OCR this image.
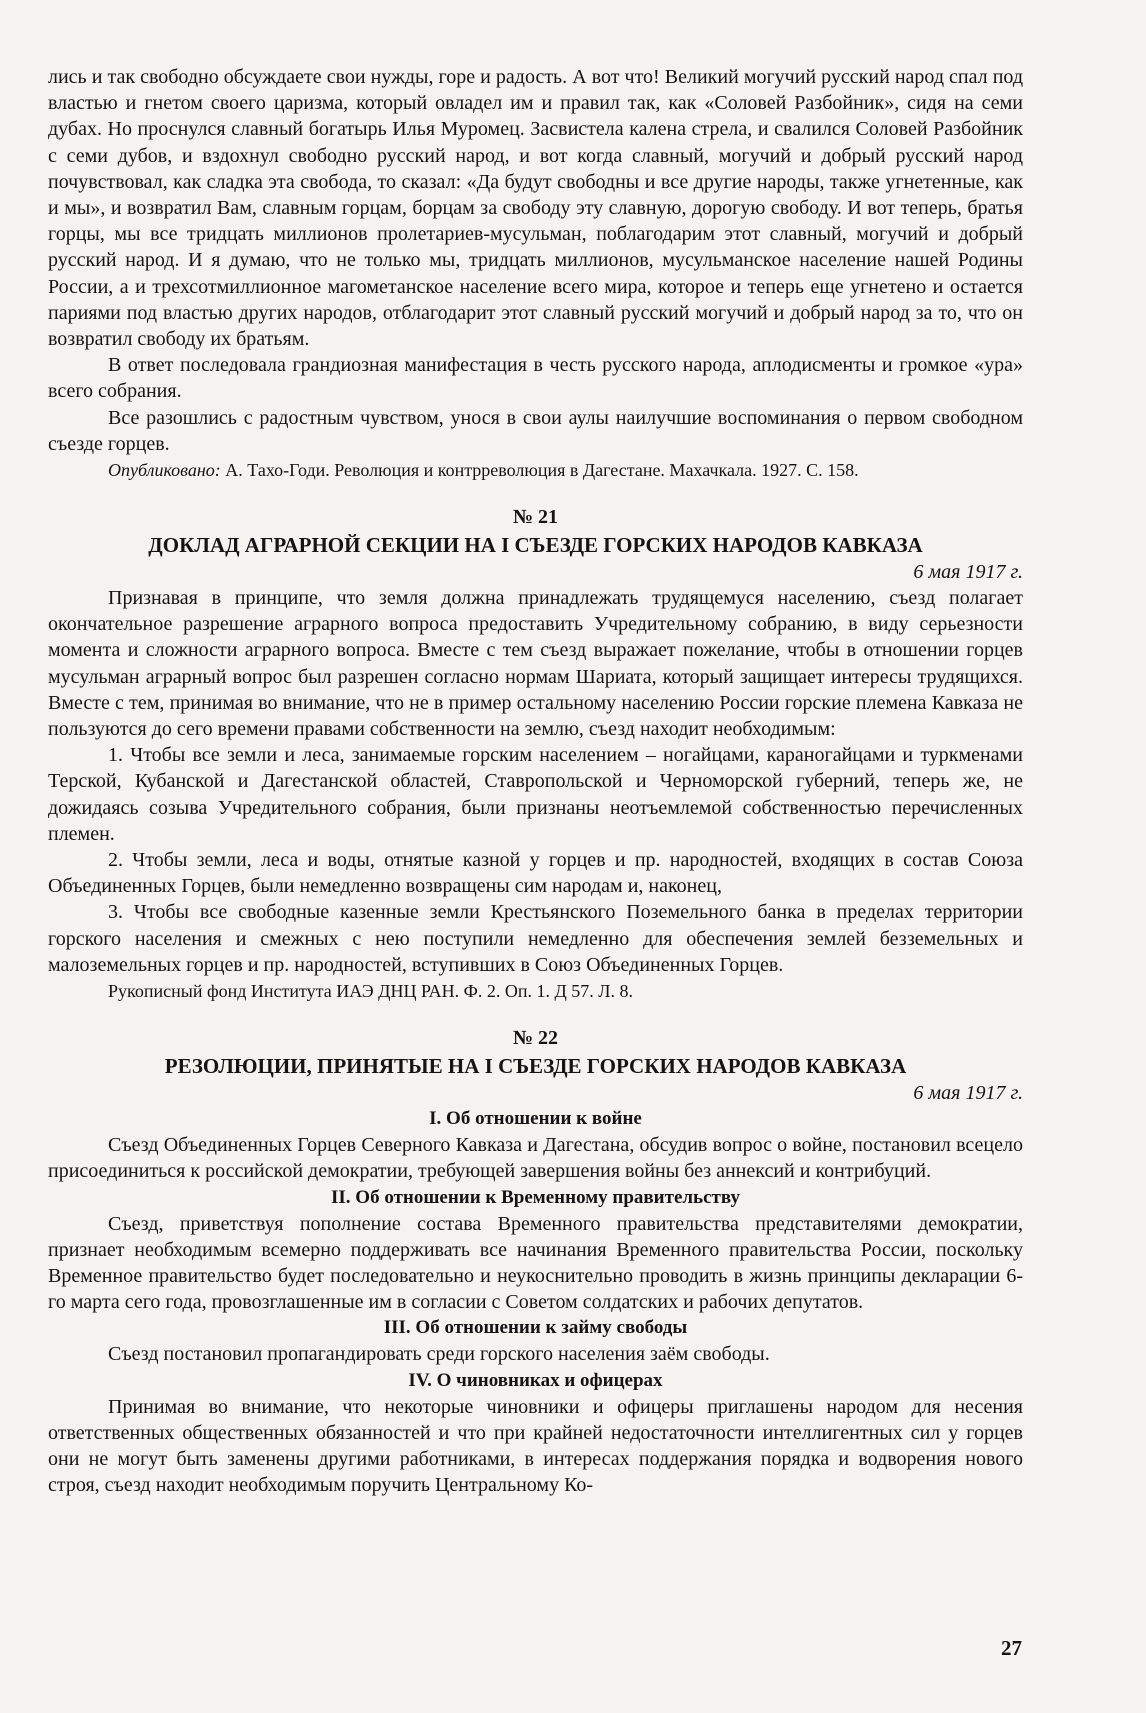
лись и так свободно обсуждаете свои нужды, горе и радость. А вот что! Великий могучий русский народ спал под властью и гнетом своего царизма, который овладел им и правил так, как «Соловей Разбойник», сидя на семи дубах. Но проснулся славный богатырь Илья Муромец. Засвистела калена стрела, и свалился Соловей Разбойник с семи дубов, и вздохнул свободно русский народ, и вот когда славный, могучий и добрый русский народ почувствовал, как сладка эта свобода, то сказал: «Да будут свободны и все другие народы, также угнетенные, как и мы», и возвратил Вам, славным горцам, борцам за свободу эту славную, дорогую свободу. И вот теперь, братья горцы, мы все тридцать миллионов пролетариев-мусульман, поблагодарим этот славный, могучий и добрый русский народ. И я думаю, что не только мы, тридцать миллионов, мусульманское население нашей Родины России, а и трехсотмиллионное магометанское население всего мира, которое и теперь еще угнетено и остается париями под властью других народов, отблагодарит этот славный русский могучий и добрый народ за то, что он возвратил свободу их братьям.

В ответ последовала грандиозная манифестация в честь русского народа, аплодисменты и громкое «ура» всего собрания.

Все разошлись с радостным чувством, унося в свои аулы наилучшие воспоминания о первом свободном съезде горцев.

Опубликовано: А. Тахо-Годи. Революция и контрреволюция в Дагестане. Махачкала. 1927. С. 158.

№ 21
ДОКЛАД АГРАРНОЙ СЕКЦИИ НА I СЪЕЗДЕ ГОРСКИХ НАРОДОВ КАВКАЗА
6 мая 1917 г.

Признавая в принципе, что земля должна принадлежать трудящемуся населению, съезд полагает окончательное разрешение аграрного вопроса предоставить Учредительному собранию, в виду серьезности момента и сложности аграрного вопроса. Вместе с тем съезд выражает пожелание, чтобы в отношении горцев мусульман аграрный вопрос был разрешен согласно нормам Шариата, который защищает интересы трудящихся. Вместе с тем, принимая во внимание, что не в пример остальному населению России горские племена Кавказа не пользуются до сего времени правами собственности на землю, съезд находит необходимым:

1. Чтобы все земли и леса, занимаемые горским населением – ногайцами, караногайцами и туркменами Терской, Кубанской и Дагестанской областей, Ставропольской и Черноморской губерний, теперь же, не дожидаясь созыва Учредительного собрания, были признаны неотъемлемой собственностью перечисленных племен.

2. Чтобы земли, леса и воды, отнятые казной у горцев и пр. народностей, входящих в состав Союза Объединенных Горцев, были немедленно возвращены сим народам и, наконец,

3. Чтобы все свободные казенные земли Крестьянского Поземельного банка в пределах территории горского населения и смежных с нею поступили немедленно для обеспечения землей безземельных и малоземельных горцев и пр. народностей, вступивших в Союз Объединенных Горцев.

Рукописный фонд Института ИАЭ ДНЦ РАН. Ф. 2. Оп. 1. Д 57. Л. 8.

№ 22
РЕЗОЛЮЦИИ, ПРИНЯТЫЕ НА I СЪЕЗДЕ ГОРСКИХ НАРОДОВ КАВКАЗА
6 мая 1917 г.
I. Об отношении к войне

Съезд Объединенных Горцев Северного Кавказа и Дагестана, обсудив вопрос о войне, постановил всецело присоединиться к российской демократии, требующей завершения войны без аннексий и контрибуций.

II. Об отношении к Временному правительству

Съезд, приветствуя пополнение состава Временного правительства представителями демократии, признает необходимым всемерно поддерживать все начинания Временного правительства России, поскольку Временное правительство будет последовательно и неукоснительно проводить в жизнь принципы декларации 6-го марта сего года, провозглашенные им в согласии с Советом солдатских и рабочих депутатов.

III. Об отношении к займу свободы

Съезд постановил пропагандировать среди горского населения заём свободы.

IV. О чиновниках и офицерах

Принимая во внимание, что некоторые чиновники и офицеры приглашены народом для несения ответственных общественных обязанностей и что при крайней недостаточности интеллигентных сил у горцев они не могут быть заменены другими работниками, в интересах поддержания порядка и водворения нового строя, съезд находит необходимым поручить Центральному Ко-

27
